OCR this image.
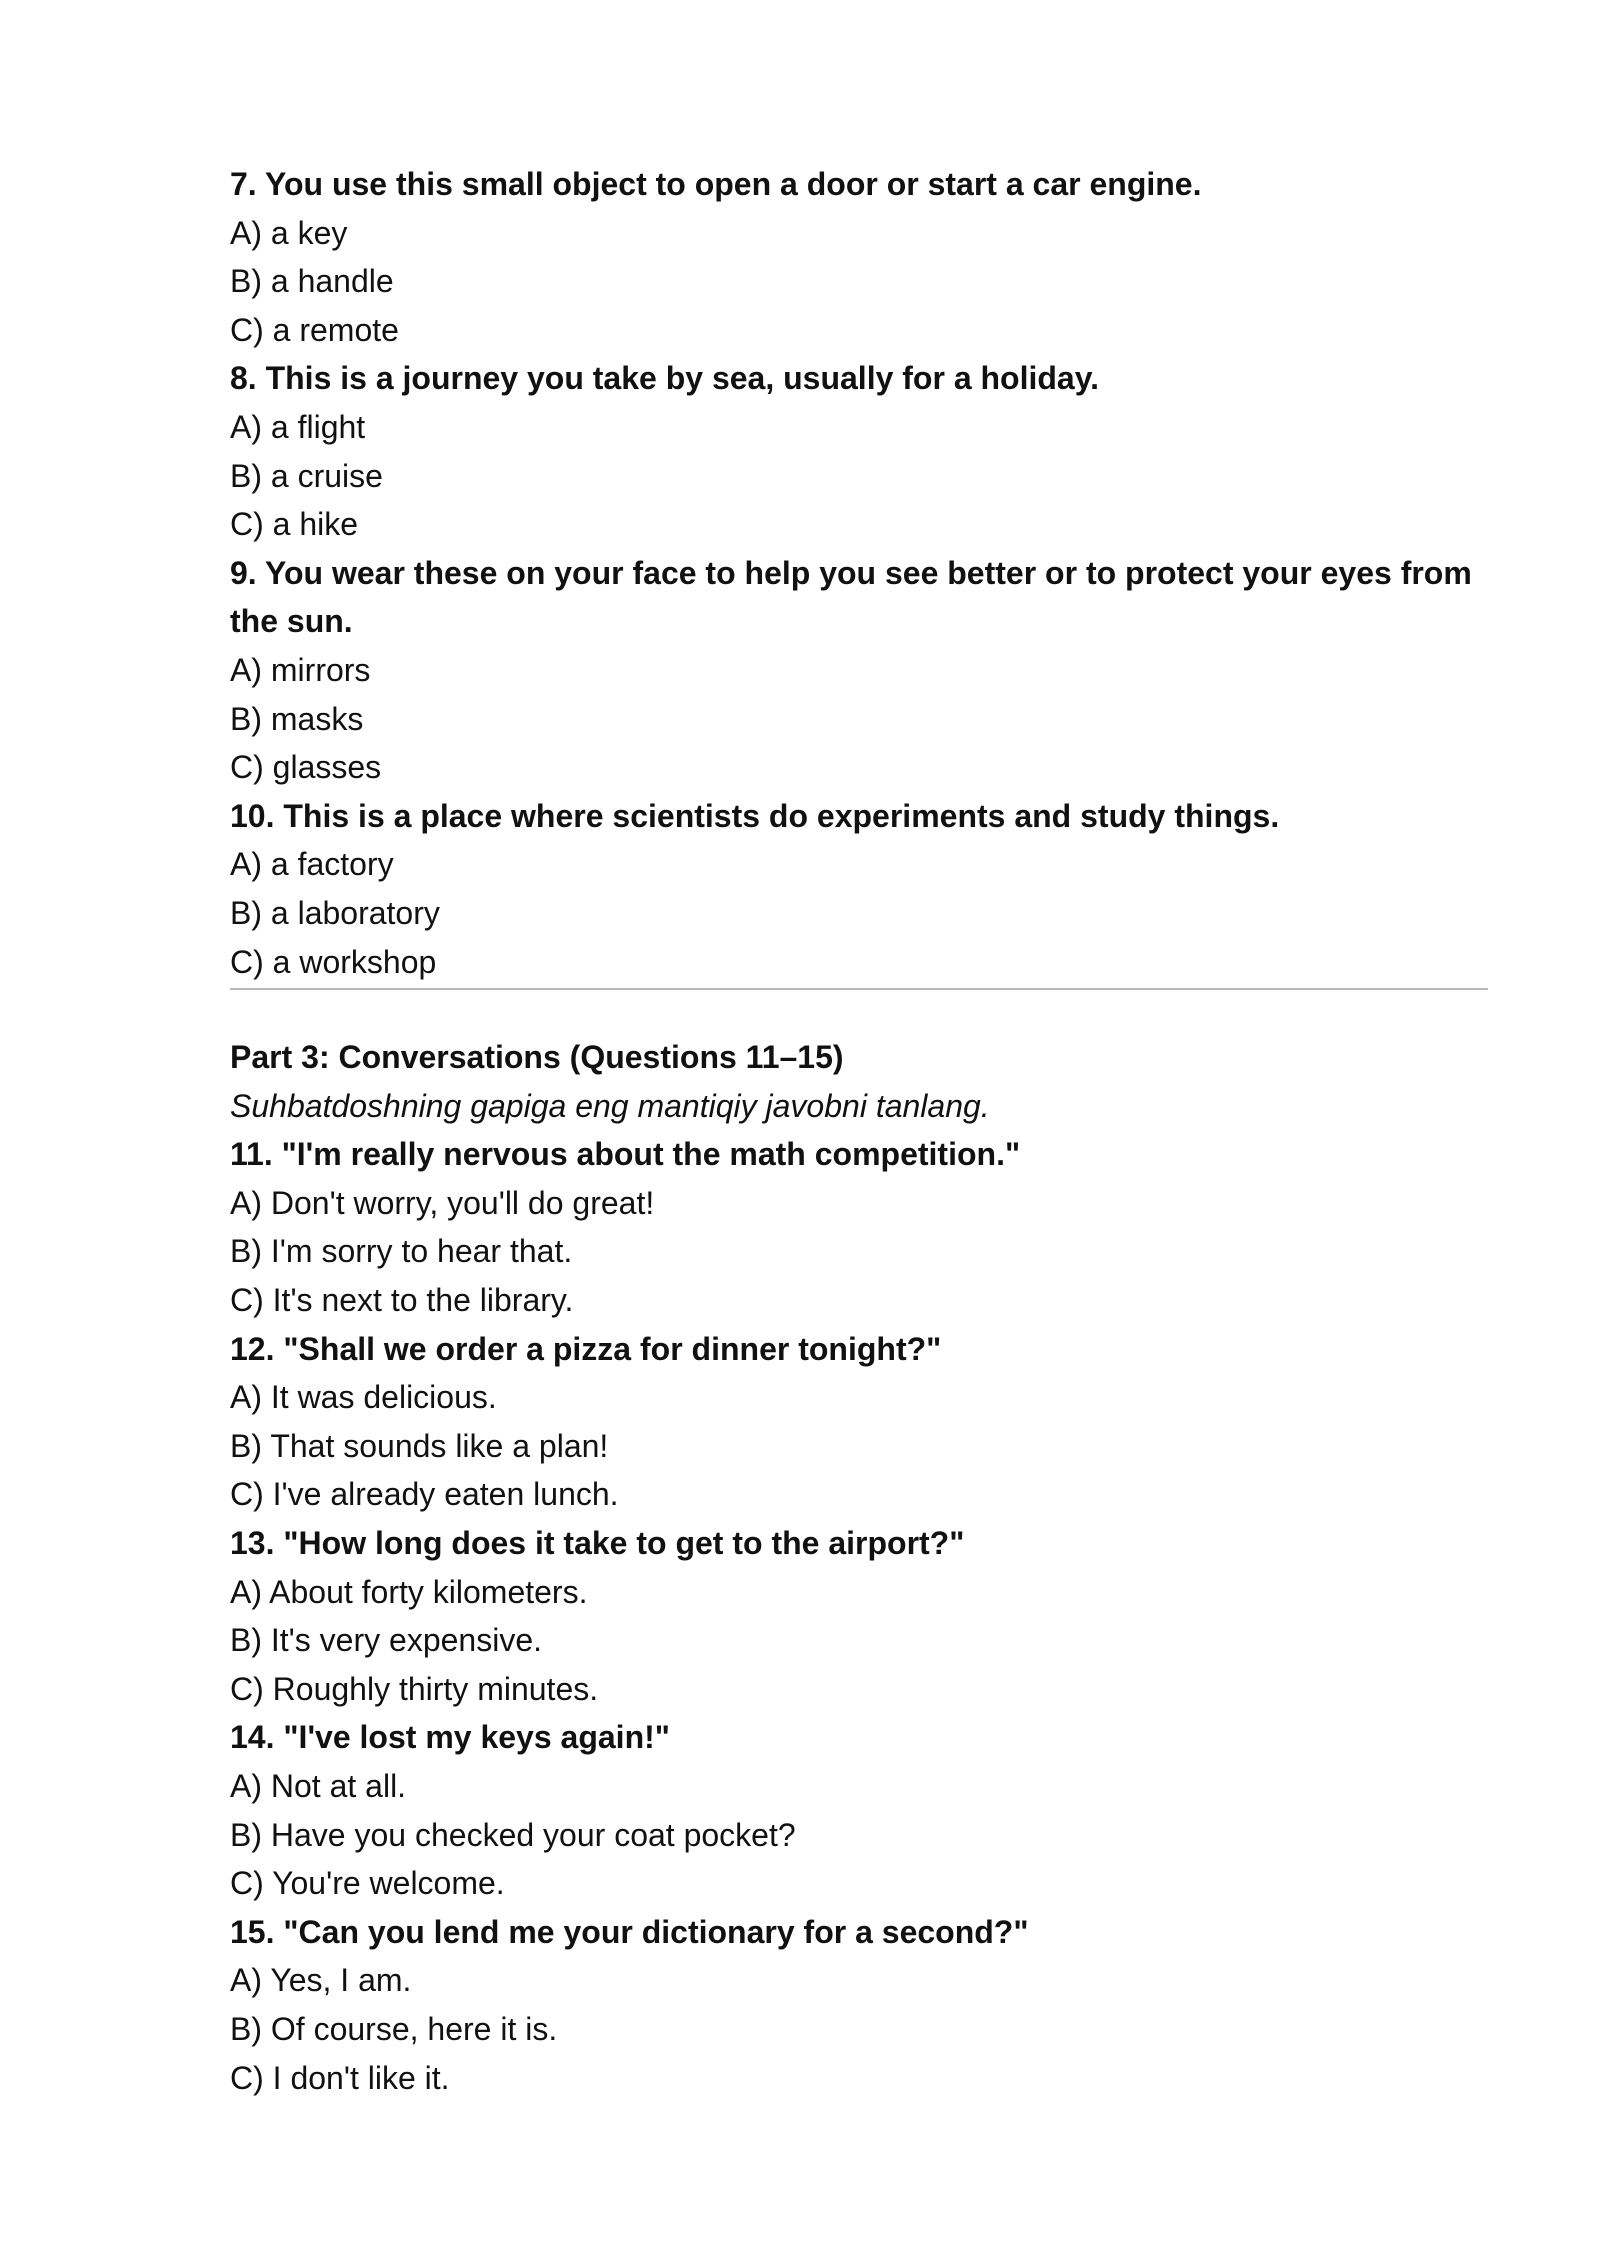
7. You use this small object to open a door or start a car engine.
A) a key
B) a handle
C) a remote
8. This is a journey you take by sea, usually for a holiday.
A) a flight
B) a cruise
C) a hike
9. You wear these on your face to help you see better or to protect your eyes from the sun.
A) mirrors
B) masks
C) glasses
10. This is a place where scientists do experiments and study things.
A) a factory
B) a laboratory
C) a workshop
Part 3: Conversations (Questions 11–15)
Suhbatdoshning gapiga eng mantiqiy javobni tanlang.
11. "I'm really nervous about the math competition."
A) Don't worry, you'll do great!
B) I'm sorry to hear that.
C) It's next to the library.
12. "Shall we order a pizza for dinner tonight?"
A) It was delicious.
B) That sounds like a plan!
C) I've already eaten lunch.
13. "How long does it take to get to the airport?"
A) About forty kilometers.
B) It's very expensive.
C) Roughly thirty minutes.
14. "I've lost my keys again!"
A) Not at all.
B) Have you checked your coat pocket?
C) You're welcome.
15. "Can you lend me your dictionary for a second?"
A) Yes, I am.
B) Of course, here it is.
C) I don't like it.
